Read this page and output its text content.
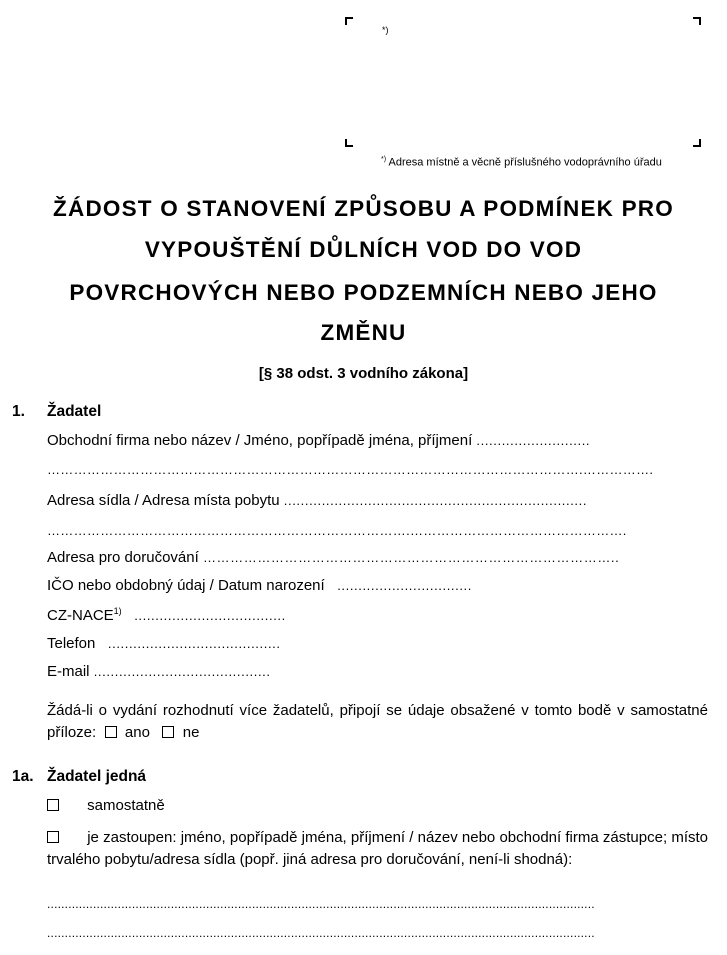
*)
*) Adresa místně a věcně příslušného vodoprávního úřadu
ŽÁDOST O STANOVENÍ ZPŮSOBU A PODMÍNEK PRO
VYPOUŠTĚNÍ DŮLNÍCH VOD DO VOD
POVRCHOVÝCH NEBO PODZEMNÍCH NEBO JEHO
ZMĚNU
[§ 38 odst. 3 vodního zákona]
1. Žadatel
Obchodní firma nebo název / Jméno, popřípadě jména, příjmení ...........................
………………………………………………………………………………………………………….…………….
Adresa sídla / Adresa místa pobytu ........................................................................
……………………………………………………………………….………………………………………….
Adresa pro doručování ………………………………………………………………………………..
IČO nebo obdobný údaj / Datum narození ................................
CZ-NACE$^{1)}$ ....................................
Telefon .........................................
E-mail ..........................................
Žádá-li o vydání rozhodnutí více žadatelů, připojí se údaje obsažené v tomto bodě v samostatné příloze: ano ne
1a. Žadatel jedná
samostatně
je zastoupen: jméno, popřípadě jména, příjmení / název nebo obchodní firma zástupce; místo trvalého pobytu/adresa sídla (popř. jiná adresa pro doručování, není-li shodná):
...........................................................................................................................................................
...........................................................................................................................................................
